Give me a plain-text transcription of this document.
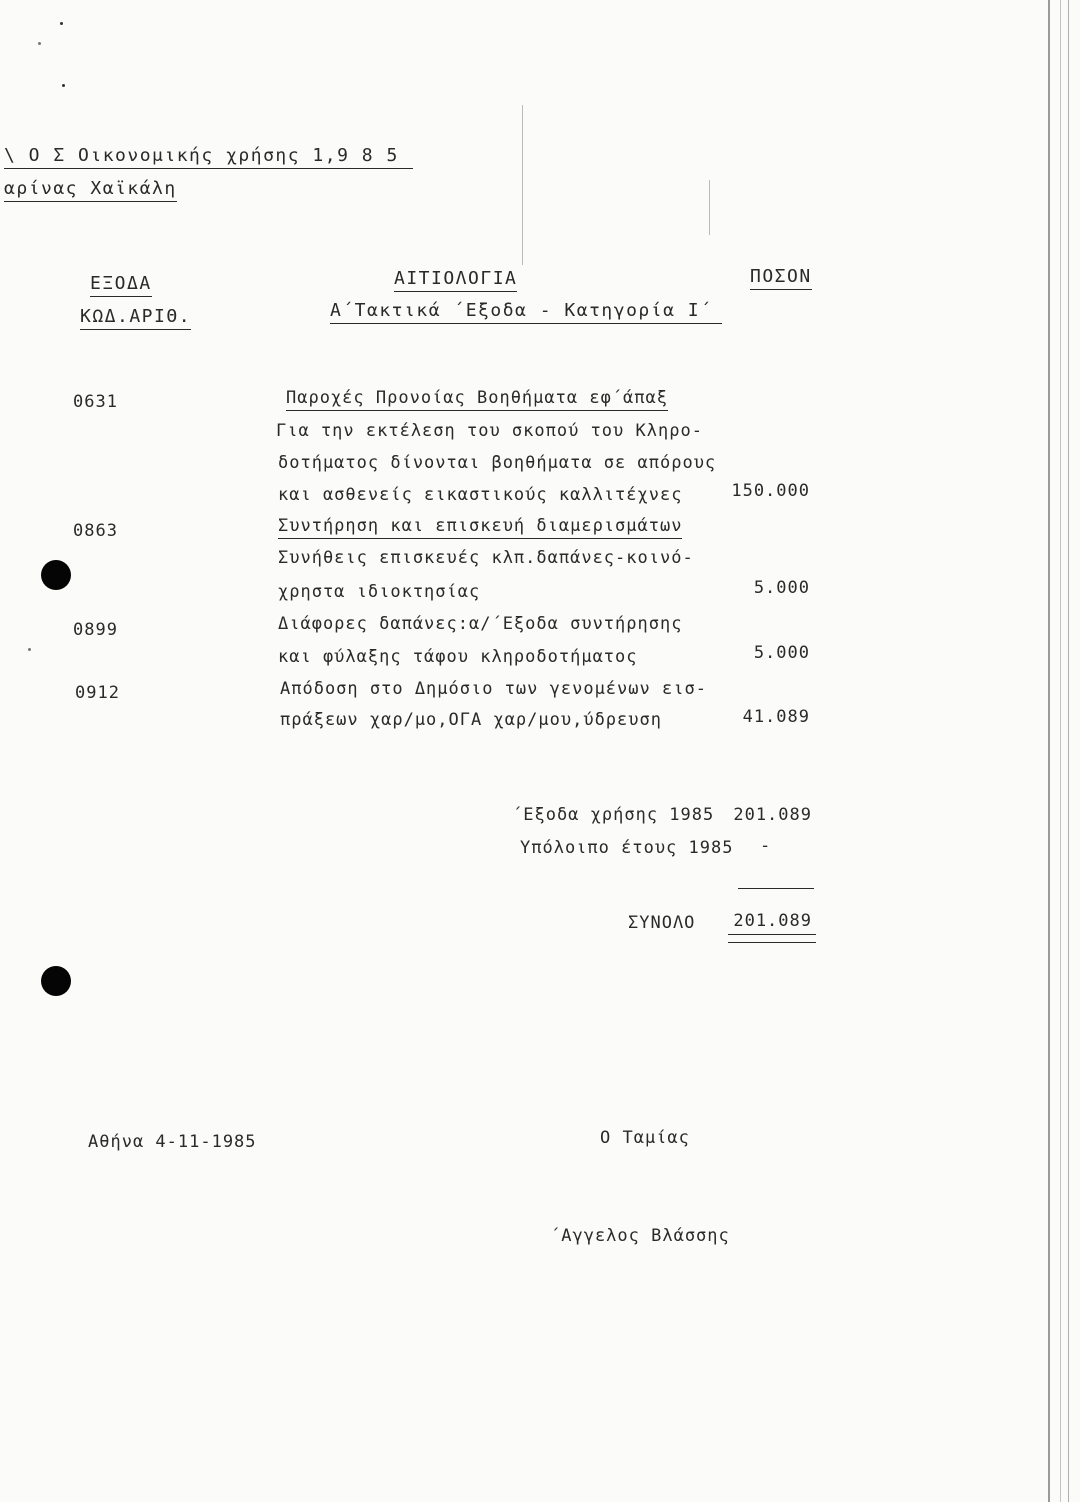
\ Ο Σ Οικονομικής χρήσης 1,9 8 5
αρίνας Χαϊκάλη
ΕΞΟΔΑ
ΚΩΔ.ΑΡΙΘ.
ΑΙΤΙΟΛΟΓΙΑ
Α΄Τακτικά ΄Εξοδα - Κατηγορία Ι΄
ΠΟΣΟΝ
0631	Παροχές Προνοίας Βοηθήματα εφ΄άπαξ
Για την εκτέλεση του σκοπού του Κληρο-
δοτήματος δίνονται βοηθήματα σε απόρους
και ασθενείς εικαστικούς καλλιτέχνες	150.000
0863	Συντήρηση και επισκευή διαμερισμάτων
Συνήθεις επισκευές κλπ.δαπάνες-κοινό-
χρηστα ιδιοκτησίας	5.000
0899	Διάφορες δαπάνες:α/΄Εξοδα συντήρησης
και φύλαξης τάφου κληροδοτήματος	5.000
0912	Απόδοση στο Δημόσιο των γενομένων εισ-
πράξεων χαρ/μο,ΟΓΑ χαρ/μου,ύδρευση	41.089
΄Εξοδα χρήσης 1985	201.089
Υπόλοιπο έτους 1985 -
ΣΥΝΟΛΟ	201.089
Αθήνα 4-11-1985	Ο Ταμίας
΄Αγγελος Βλάσσης
